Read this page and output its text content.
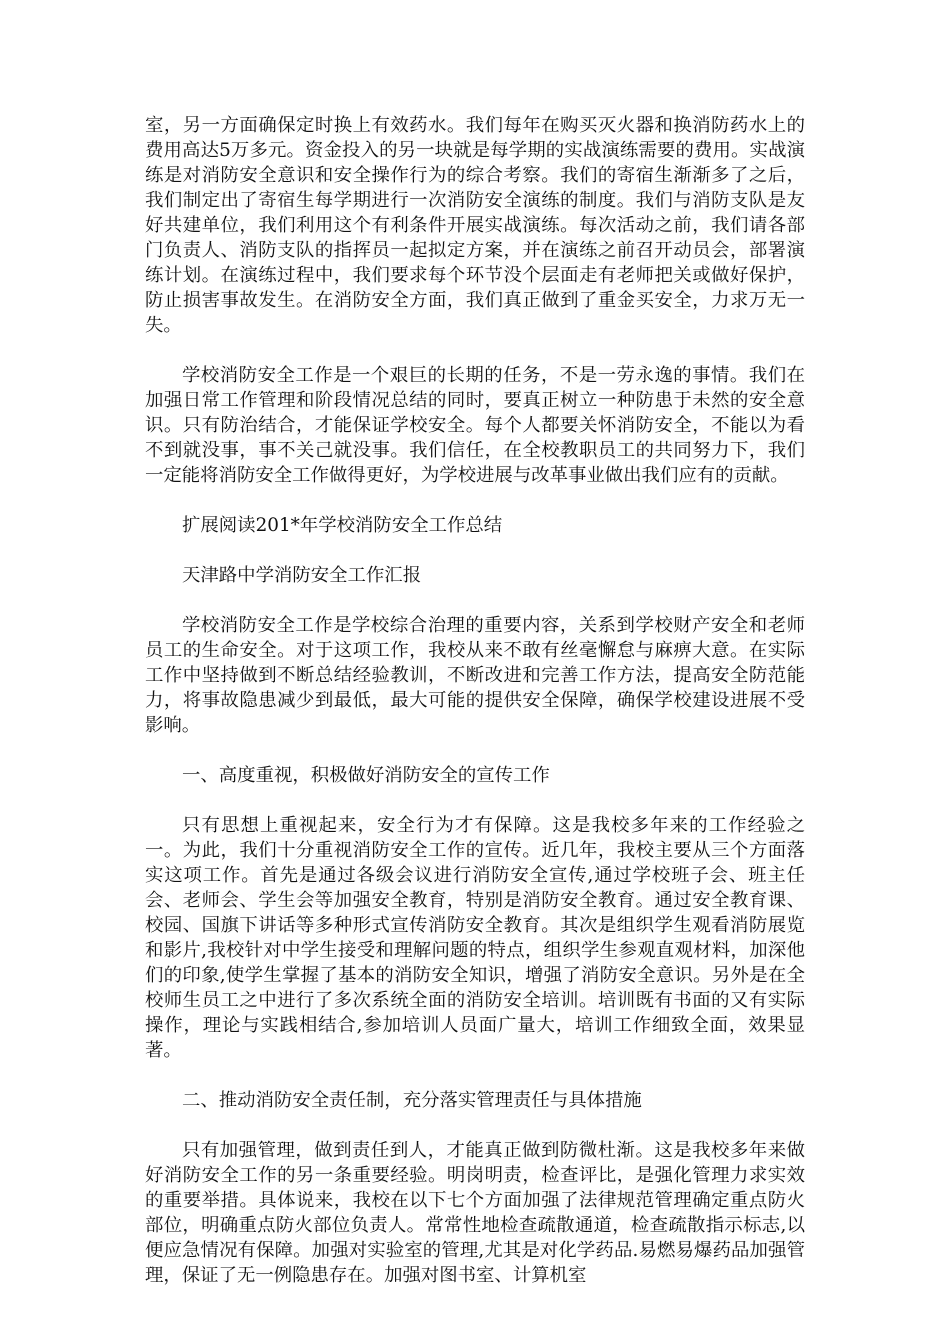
室，另一方面确保定时换上有效药水。我们每年在购买灭火器和换消防药水上的费用高达5万多元。资金投入的另一块就是每学期的实战演练需要的费用。实战演练是对消防安全意识和安全操作行为的综合考察。我们的寄宿生渐渐多了之后，我们制定出了寄宿生每学期进行一次消防安全演练的制度。我们与消防支队是友好共建单位，我们利用这个有利条件开展实战演练。每次活动之前，我们请各部门负责人、消防支队的指挥员一起拟定方案，并在演练之前召开动员会，部署演练计划。在演练过程中，我们要求每个环节没个层面走有老师把关或做好保护，防止损害事故发生。在消防安全方面，我们真正做到了重金买安全，力求万无一失。

学校消防安全工作是一个艰巨的长期的任务，不是一劳永逸的事情。我们在加强日常工作管理和阶段情况总结的同时，要真正树立一种防患于未然的安全意识。只有防治结合，才能保证学校安全。每个人都要关怀消防安全，不能以为看不到就没事，事不关己就没事。我们信任，在全校教职员工的共同努力下，我们一定能将消防安全工作做得更好，为学校进展与改革事业做出我们应有的贡献。

扩展阅读201*年学校消防安全工作总结

天津路中学消防安全工作汇报

学校消防安全工作是学校综合治理的重要内容，关系到学校财产安全和老师员工的生命安全。对于这项工作，我校从来不敢有丝毫懈怠与麻痹大意。在实际工作中坚持做到不断总结经验教训，不断改进和完善工作方法，提高安全防范能力，将事故隐患减少到最低，最大可能的提供安全保障，确保学校建设进展不受影响。

一、高度重视，积极做好消防安全的宣传工作

只有思想上重视起来，安全行为才有保障。这是我校多年来的工作经验之一。为此，我们十分重视消防安全工作的宣传。近几年，我校主要从三个方面落实这项工作。首先是通过各级会议进行消防安全宣传,通过学校班子会、班主任会、老师会、学生会等加强安全教育，特别是消防安全教育。通过安全教育课、校园、国旗下讲话等多种形式宣传消防安全教育。其次是组织学生观看消防展览和影片,我校针对中学生接受和理解问题的特点，组织学生参观直观材料，加深他们的印象,使学生掌握了基本的消防安全知识，增强了消防安全意识。另外是在全校师生员工之中进行了多次系统全面的消防安全培训。培训既有书面的又有实际操作，理论与实践相结合,参加培训人员面广量大，培训工作细致全面，效果显著。

二、推动消防安全责任制，充分落实管理责任与具体措施

只有加强管理，做到责任到人，才能真正做到防微杜渐。这是我校多年来做好消防安全工作的另一条重要经验。明岗明责，检查评比，是强化管理力求实效的重要举措。具体说来，我校在以下七个方面加强了法律规范管理确定重点防火部位，明确重点防火部位负责人。常常性地检查疏散通道，检查疏散指示标志,以便应急情况有保障。加强对实验室的管理,尤其是对化学药品.易燃易爆药品加强管理，保证了无一例隐患存在。加强对图书室、计算机室
